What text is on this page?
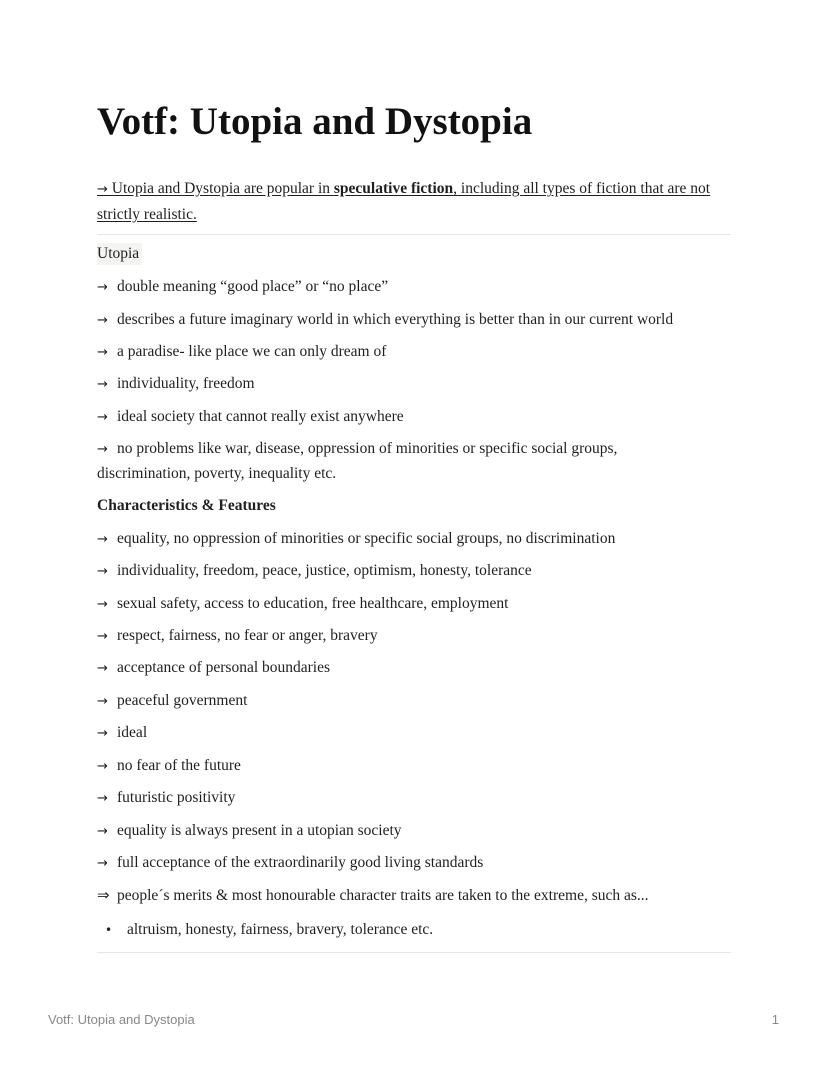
Votf: Utopia and Dystopia

→ Utopia and Dystopia are popular in speculative fiction, including all types of fiction that are not strictly realistic.

Utopia

→ double meaning “good place” or “no place”

→ describes a future imaginary world in which everything is better than in our current world

→ a paradise- like place we can only dream of

→ individuality, freedom

→ ideal society that cannot really exist anywhere

→ no problems like war, disease, oppression of minorities or specific social groups, discrimination, poverty, inequality etc.

Characteristics & Features

→ equality, no oppression of minorities or specific social groups, no discrimination

→ individuality, freedom, peace, justice, optimism, honesty, tolerance

→ sexual safety, access to education, free healthcare, employment

→ respect, fairness, no fear or anger, bravery

→ acceptance of personal boundaries

→ peaceful government

→ ideal

→ no fear of the future

→ futuristic positivity

→ equality is always present in a utopian society

→ full acceptance of the extraordinarily good living standards

⇒ people´s merits & most honourable character traits are taken to the extreme, such as...

• altruism, honesty, fairness, bravery, tolerance etc.

Votf: Utopia and Dystopia	1
